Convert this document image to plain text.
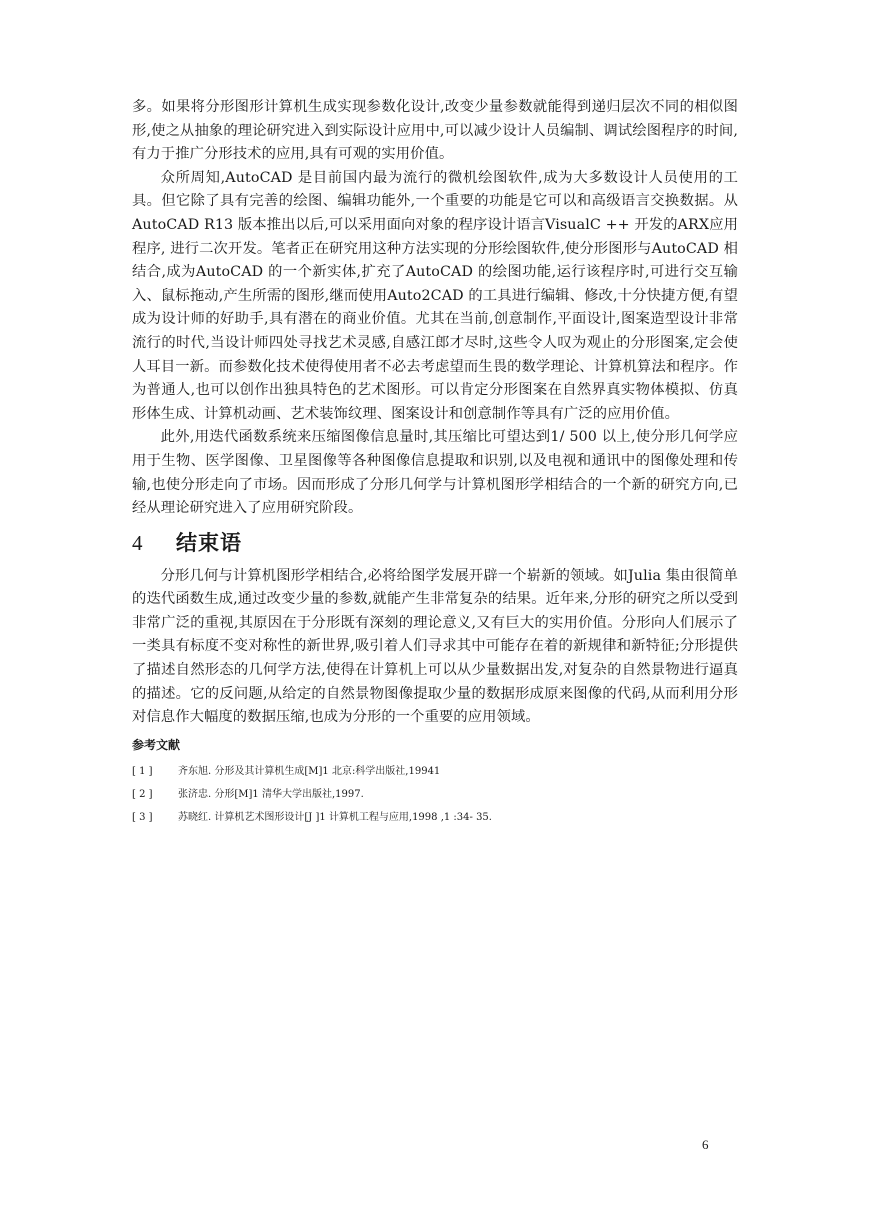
多。如果将分形图形计算机生成实现参数化设计,改变少量参数就能得到递归层次不同的相似图形,使之从抽象的理论研究进入到实际设计应用中,可以减少设计人员编制、调试绘图程序的时间,有力于推广分形技术的应用,具有可观的实用价值。

众所周知,AutoCAD 是目前国内最为流行的微机绘图软件,成为大多数设计人员使用的工具。但它除了具有完善的绘图、编辑功能外,一个重要的功能是它可以和高级语言交换数据。从AutoCAD R13 版本推出以后,可以采用面向对象的程序设计语言VisualC ++ 开发的ARX应用程序, 进行二次开发。笔者正在研究用这种方法实现的分形绘图软件,使分形图形与AutoCAD 相结合,成为AutoCAD 的一个新实体,扩充了AutoCAD 的绘图功能,运行该程序时,可进行交互输入、鼠标拖动,产生所需的图形,继而使用Auto2CAD 的工具进行编辑、修改,十分快捷方便,有望成为设计师的好助手,具有潜在的商业价值。尤其在当前,创意制作,平面设计,图案造型设计非常流行的时代,当设计师四处寻找艺术灵感,自感江郎才尽时,这些令人叹为观止的分形图案,定会使人耳目一新。而参数化技术使得使用者不必去考虑望而生畏的数学理论、计算机算法和程序。作为普通人,也可以创作出独具特色的艺术图形。可以肯定分形图案在自然界真实物体模拟、仿真形体生成、计算机动画、艺术装饰纹理、图案设计和创意制作等具有广泛的应用价值。

此外,用迭代函数系统来压缩图像信息量时,其压缩比可望达到1/ 500 以上,使分形几何学应用于生物、医学图像、卫星图像等各种图像信息提取和识别,以及电视和通讯中的图像处理和传输,也使分形走向了市场。因而形成了分形几何学与计算机图形学相结合的一个新的研究方向,已经从理论研究进入了应用研究阶段。

4	结束语

分形几何与计算机图形学相结合,必将给图学发展开辟一个崭新的领域。如Julia 集由很简单的迭代函数生成,通过改变少量的参数,就能产生非常复杂的结果。近年来,分形的研究之所以受到非常广泛的重视,其原因在于分形既有深刻的理论意义,又有巨大的实用价值。分形向人们展示了一类具有标度不变对称性的新世界,吸引着人们寻求其中可能存在着的新规律和新特征;分形提供了描述自然形态的几何学方法,使得在计算机上可以从少量数据出发,对复杂的自然景物进行逼真的描述。它的反问题,从给定的自然景物图像提取少量的数据形成原来图像的代码,从而利用分形对信息作大幅度的数据压缩,也成为分形的一个重要的应用领域。

参考文献
[ 1 ]	齐东旭. 分形及其计算机生成[M]1 北京:科学出版社,19941
[ 2 ]	张济忠. 分形[M]1 清华大学出版社,1997.
[ 3 ]	苏晓红. 计算机艺术图形设计[J ]1 计算机工程与应用,1998 ,1 :34- 35.
6
